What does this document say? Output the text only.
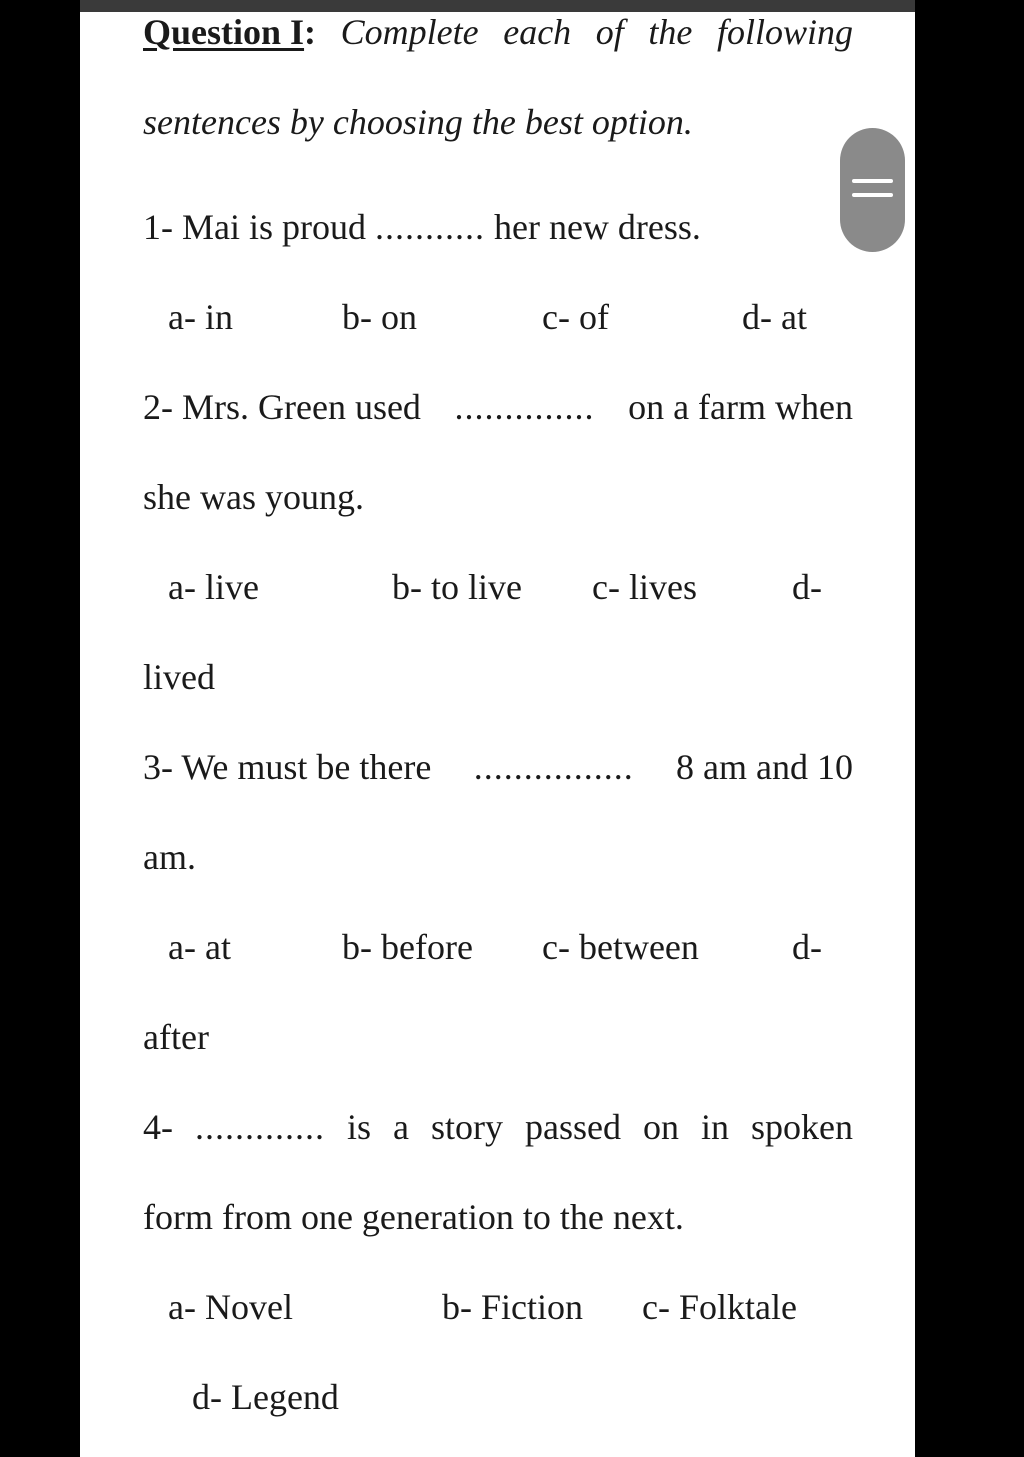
Question I: Complete each of the following
sentences by choosing the best option.
1- Mai is proud ........... her new dress.
a- in	b- on	c- of	d- at
2- Mrs. Green used .............. on a farm when
she was young.
a- live	b- to live c- lives	d-
lived
3- We must be there ................ 8 am and 10
am.
a- at	b- before c- between	d-
after
4- ............. is a story passed on in spoken
form from one generation to the next.
a- Novel	b- Fiction c- Folktale
d- Legend
